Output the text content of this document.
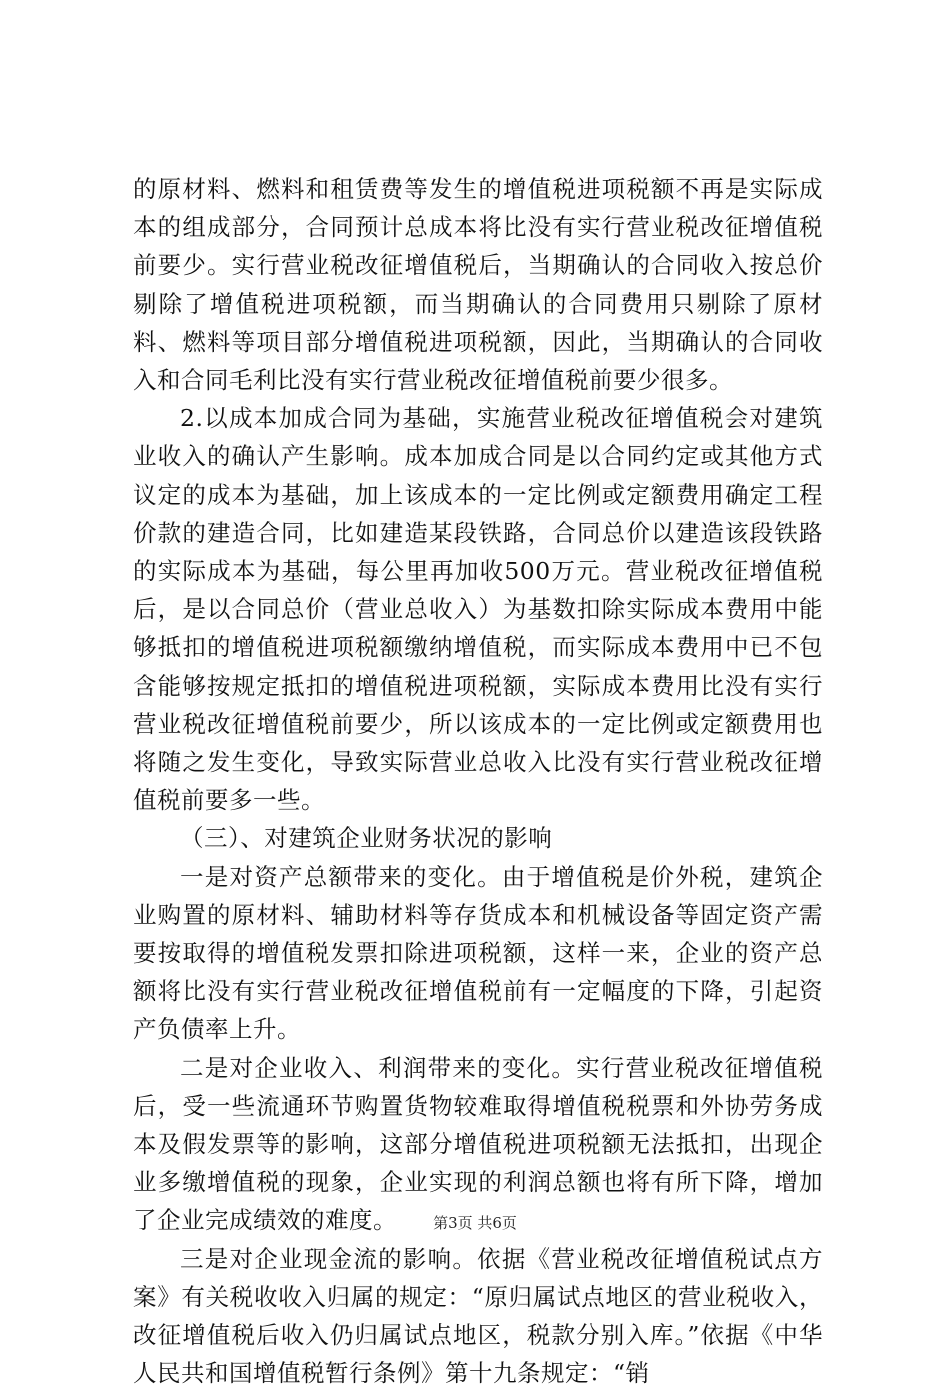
的原材料、燃料和租赁费等发生的增值税进项税额不再是实际成本的组成部分，合同预计总成本将比没有实行营业税改征增值税前要少。实行营业税改征增值税后，当期确认的合同收入按总价剔除了增值税进项税额，而当期确认的合同费用只剔除了原材料、燃料等项目部分增值税进项税额，因此，当期确认的合同收入和合同毛利比没有实行营业税改征增值税前要少很多。

2.以成本加成合同为基础，实施营业税改征增值税会对建筑业收入的确认产生影响。成本加成合同是以合同约定或其他方式议定的成本为基础，加上该成本的一定比例或定额费用确定工程价款的建造合同，比如建造某段铁路，合同总价以建造该段铁路的实际成本为基础，每公里再加收500万元。营业税改征增值税后，是以合同总价（营业总收入）为基数扣除实际成本费用中能够抵扣的增值税进项税额缴纳增值税，而实际成本费用中已不包含能够按规定抵扣的增值税进项税额，实际成本费用比没有实行营业税改征增值税前要少，所以该成本的一定比例或定额费用也将随之发生变化，导致实际营业总收入比没有实行营业税改征增值税前要多一些。

（三）、对建筑企业财务状况的影响

一是对资产总额带来的变化。由于增值税是价外税，建筑企业购置的原材料、辅助材料等存货成本和机械设备等固定资产需要按取得的增值税发票扣除进项税额，这样一来，企业的资产总额将比没有实行营业税改征增值税前有一定幅度的下降，引起资产负债率上升。

二是对企业收入、利润带来的变化。实行营业税改征增值税后，受一些流通环节购置货物较难取得增值税税票和外协劳务成本及假发票等的影响，这部分增值税进项税额无法抵扣，出现企业多缴增值税的现象，企业实现的利润总额也将有所下降，增加了企业完成绩效的难度。

三是对企业现金流的影响。依据《营业税改征增值税试点方案》有关税收收入归属的规定：“原归属试点地区的营业税收入，改征增值税后收入仍归属试点地区，税款分别入库。”依据《中华人民共和国增值税暂行条例》第十九条规定：“销

第3页 共6页
